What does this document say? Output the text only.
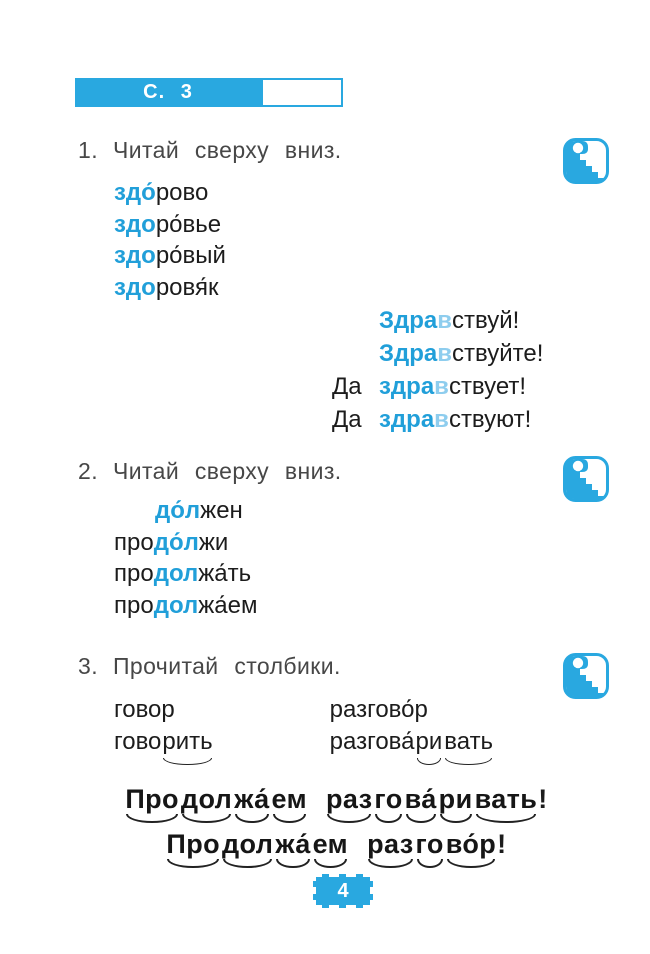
С. 3
1. Читай сверху вниз.
здо́рово
здоро́вье
здоро́вый
здоровя́к
Здравствуй!
Здравствуйте!
Да здравствует!
Да здравствуют!
2. Читай сверху вниз.
до́лжен
продо́лжи
продолжа́ть
продолжа́ем
3. Прочитай столбики.
говор
говорить
разгово́р
разгова́ривать
Продолжа́ем разгова́ривать!
Продолжа́ем разгово́р!
4
